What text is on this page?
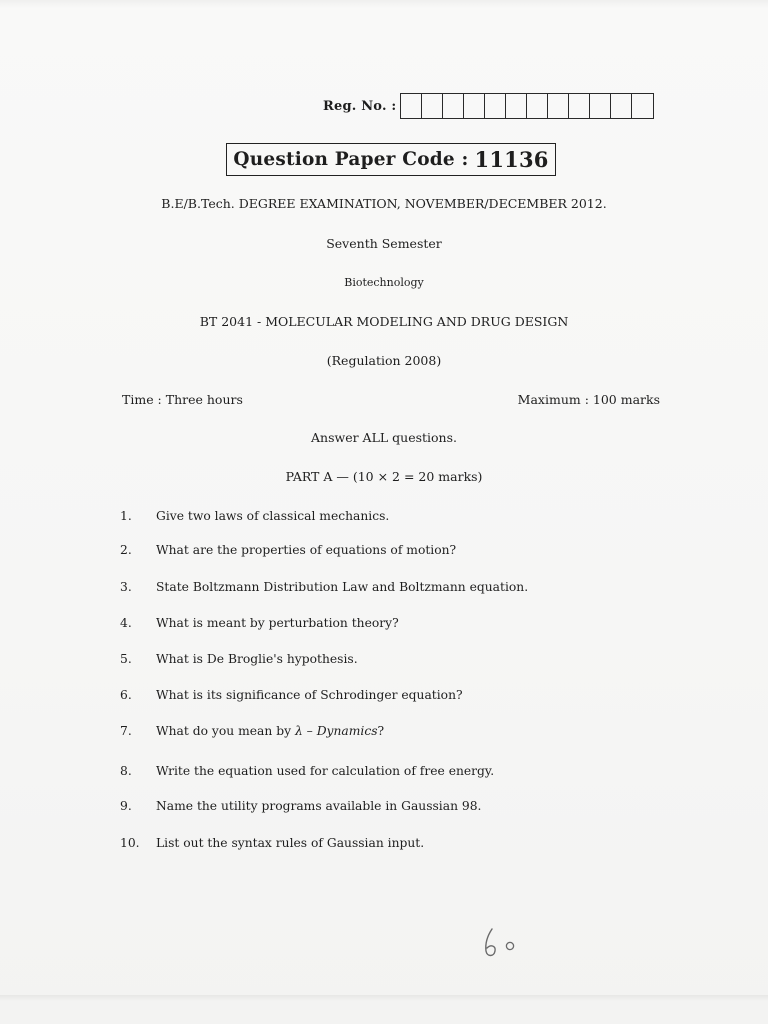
Reg. No. :
Question Paper Code : 11136
B.E/B.Tech. DEGREE EXAMINATION, NOVEMBER/DECEMBER 2012.
Seventh Semester
Biotechnology
BT 2041 - MOLECULAR MODELING AND DRUG DESIGN
(Regulation 2008)
Time : Three hours	Maximum : 100 marks
Answer ALL questions.
PART A — (10 × 2 = 20 marks)
1.	Give two laws of classical mechanics.
2.	What are the properties of equations of motion?
3.	State Boltzmann Distribution Law and Boltzmann equation.
4.	What is meant by perturbation theory?
5.	What is De Broglie's hypothesis.
6.	What is its significance of Schrodinger equation?
7.	What do you mean by λ – Dynamics?
8.	Write the equation used for calculation of free energy.
9.	Name the utility programs available in Gaussian 98.
10.	List out the syntax rules of Gaussian input.
